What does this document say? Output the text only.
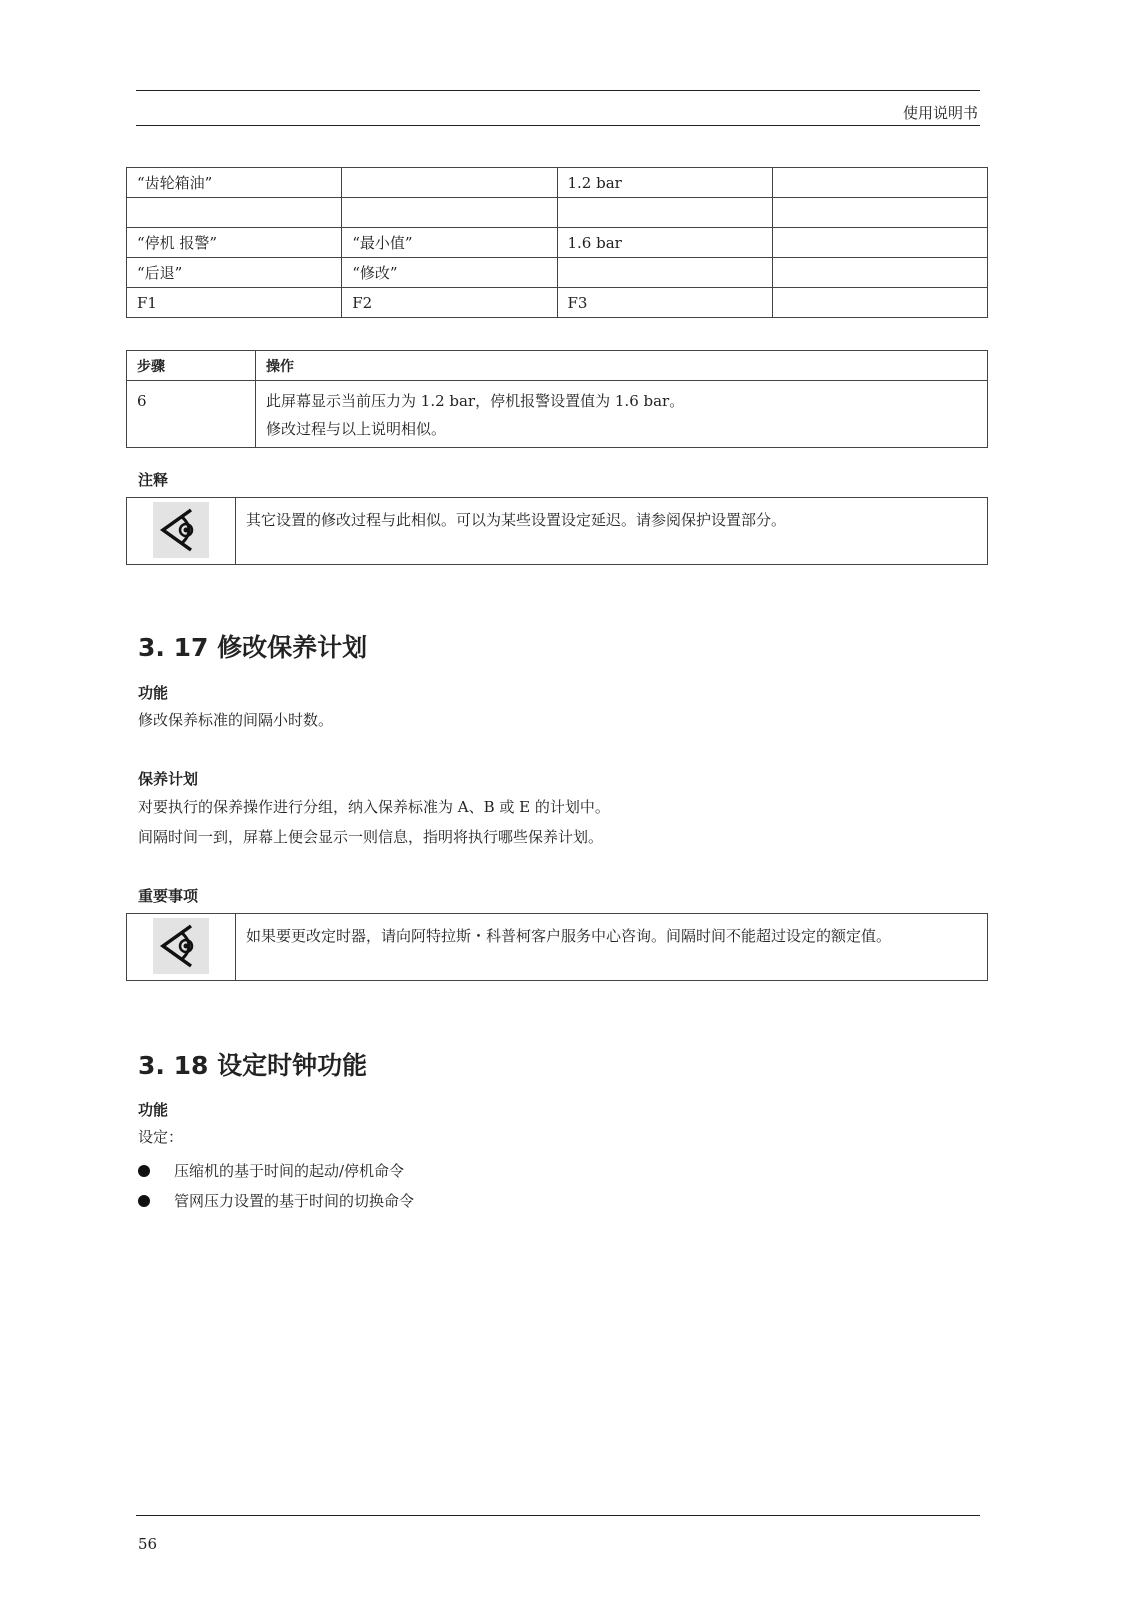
使用说明书
“齿轮箱油”		1.2 bar	

“停机 报警”	“最小值”	1.6 bar	
“后退”	“修改”		
F1	F2	F3	
步骤	操作
6	此屏幕显示当前压力为 1.2 bar，停机报警设置值为 1.6 bar。
修改过程与以上说明相似。
注释
	其它设置的修改过程与此相似。可以为某些设置设定延迟。请参阅保护设置部分。
3. 17 修改保养计划
功能
修改保养标准的间隔小时数。
保养计划
对要执行的保养操作进行分组，纳入保养标准为 A、B 或 E 的计划中。
间隔时间一到，屏幕上便会显示一则信息，指明将执行哪些保养计划。
重要事项
	如果要更改定时器，请向阿特拉斯・科普柯客户服务中心咨询。间隔时间不能超过设定的额定值。
3. 18 设定时钟功能
功能
设定：
压缩机的基于时间的起动/停机命令
管网压力设置的基于时间的切换命令
56
